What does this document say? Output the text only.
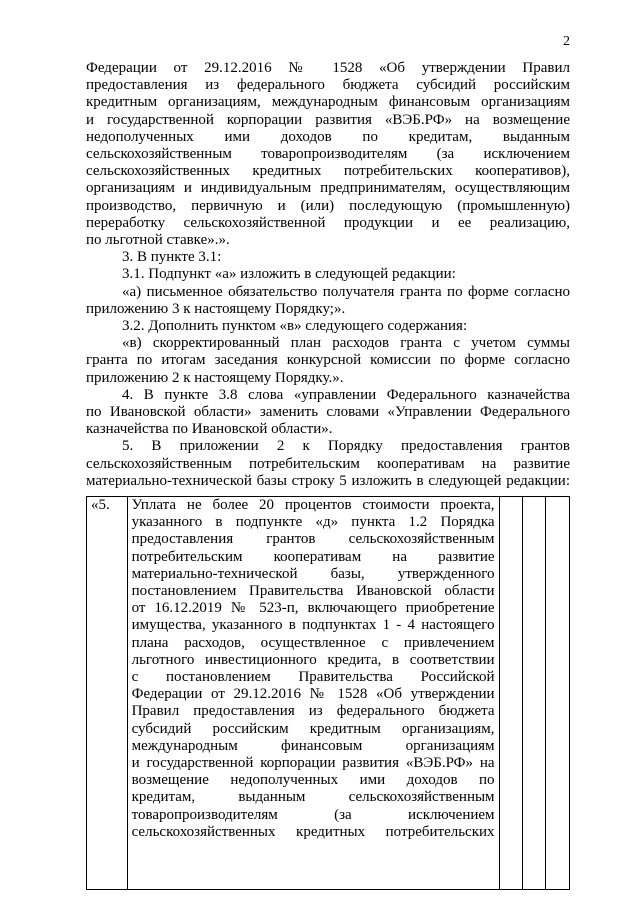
2

Федерации от 29.12.2016 № 1528 «Об утверждении Правил

предоставления из федерального бюджета субсидий российским

кредитным организациям, международным финансовым организациям

и государственной корпорации развития «ВЭБ.РФ» на возмещение

недополученных ими доходов по кредитам, выданным

сельскохозяйственным товаропроизводителям (за исключением

сельскохозяйственных кредитных потребительских кооперативов),

организациям и индивидуальным предпринимателям, осуществляющим

производство, первичную и (или) последующую (промышленную)

переработку сельскохозяйственной продукции и ее реализацию,

по льготной ставке».».

3. В пункте 3.1:

3.1. Подпункт «а» изложить в следующей редакции:

«а) письменное обязательство получателя гранта по форме согласно

приложению 3 к настоящему Порядку;».

3.2. Дополнить пунктом «в» следующего содержания:

«в) скорректированный план расходов гранта с учетом суммы

гранта по итогам заседания конкурсной комиссии по форме согласно

приложению 2 к настоящему Порядку.».

4. В пункте 3.8 слова «управлении Федерального казначейства

по Ивановской области» заменить словами «Управлении Федерального

казначейства по Ивановской области».

5. В приложении 2 к Порядку предоставления грантов

сельскохозяйственным потребительским кооперативам на развитие

материально-технической базы строку 5 изложить в следующей редакции:

«5.	Уплата не более 20 процентов стоимости проекта,

указанного в подпункте «д» пункта 1.2 Порядка

предоставления грантов сельскохозяйственным

потребительским кооперативам на развитие

материально-технической базы, утвержденного

постановлением Правительства Ивановской области

от 16.12.2019 № 523-п, включающего приобретение

имущества, указанного в подпунктах 1 - 4 настоящего

плана расходов, осуществленное с привлечением

льготного инвестиционного кредита, в соответствии

с постановлением Правительства Российской

Федерации от 29.12.2016 № 1528 «Об утверждении

Правил предоставления из федерального бюджета

субсидий российским кредитным организациям,

международным финансовым организациям

и государственной корпорации развития «ВЭБ.РФ» на

возмещение недополученных ими доходов по

кредитам, выданным сельскохозяйственным

товаропроизводителям (за исключением

сельскохозяйственных кредитных потребительских
